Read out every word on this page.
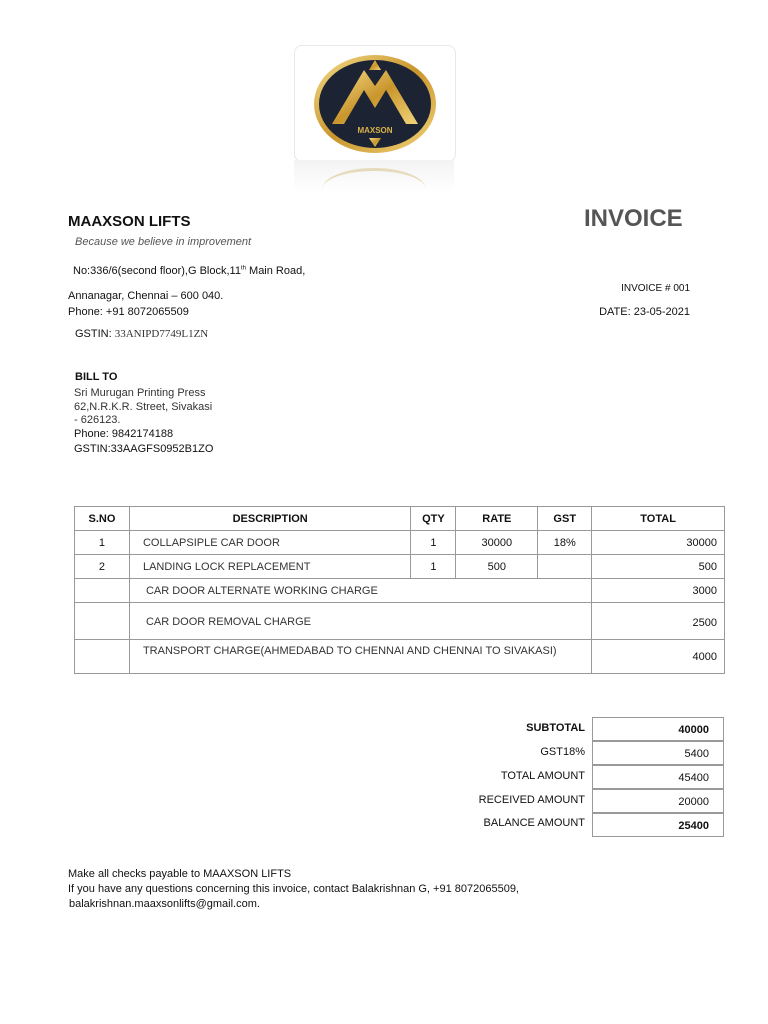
MAXSON
MAAXSON LIFTS
Because we believe in improvement
No:336/6(second floor),G Block,11th Main Road,
Annanagar, Chennai – 600 040.
Phone: +91 8072065509
GSTIN: 33ANIPD7749L1ZN
INVOICE
INVOICE # 001
DATE: 23-05-2021
BILL TO
Sri Murugan Printing Press
62,N.R.K.R. Street, Sivakasi
- 626123.
Phone: 9842174188
GSTIN:33AAGFS0952B1ZO
S.NO	DESCRIPTION	QTY	RATE	GST	TOTAL
1	COLLAPSIPLE CAR DOOR	1	30000	18%	30000
2	LANDING LOCK REPLACEMENT	1	500		500
	CAR DOOR ALTERNATE WORKING CHARGE				3000
	CAR DOOR REMOVAL CHARGE				2500
	TRANSPORT CHARGE(AHMEDABAD TO CHENNAI AND CHENNAI TO SIVAKASI)				4000
SUBTOTAL	40000
GST18%	5400
TOTAL AMOUNT	45400
RECEIVED AMOUNT	20000
BALANCE AMOUNT	25400
Make all checks payable to MAAXSON LIFTS
If you have any questions concerning this invoice, contact Balakrishnan G, +91 8072065509,
balakrishnan.maaxsonlifts@gmail.com.
